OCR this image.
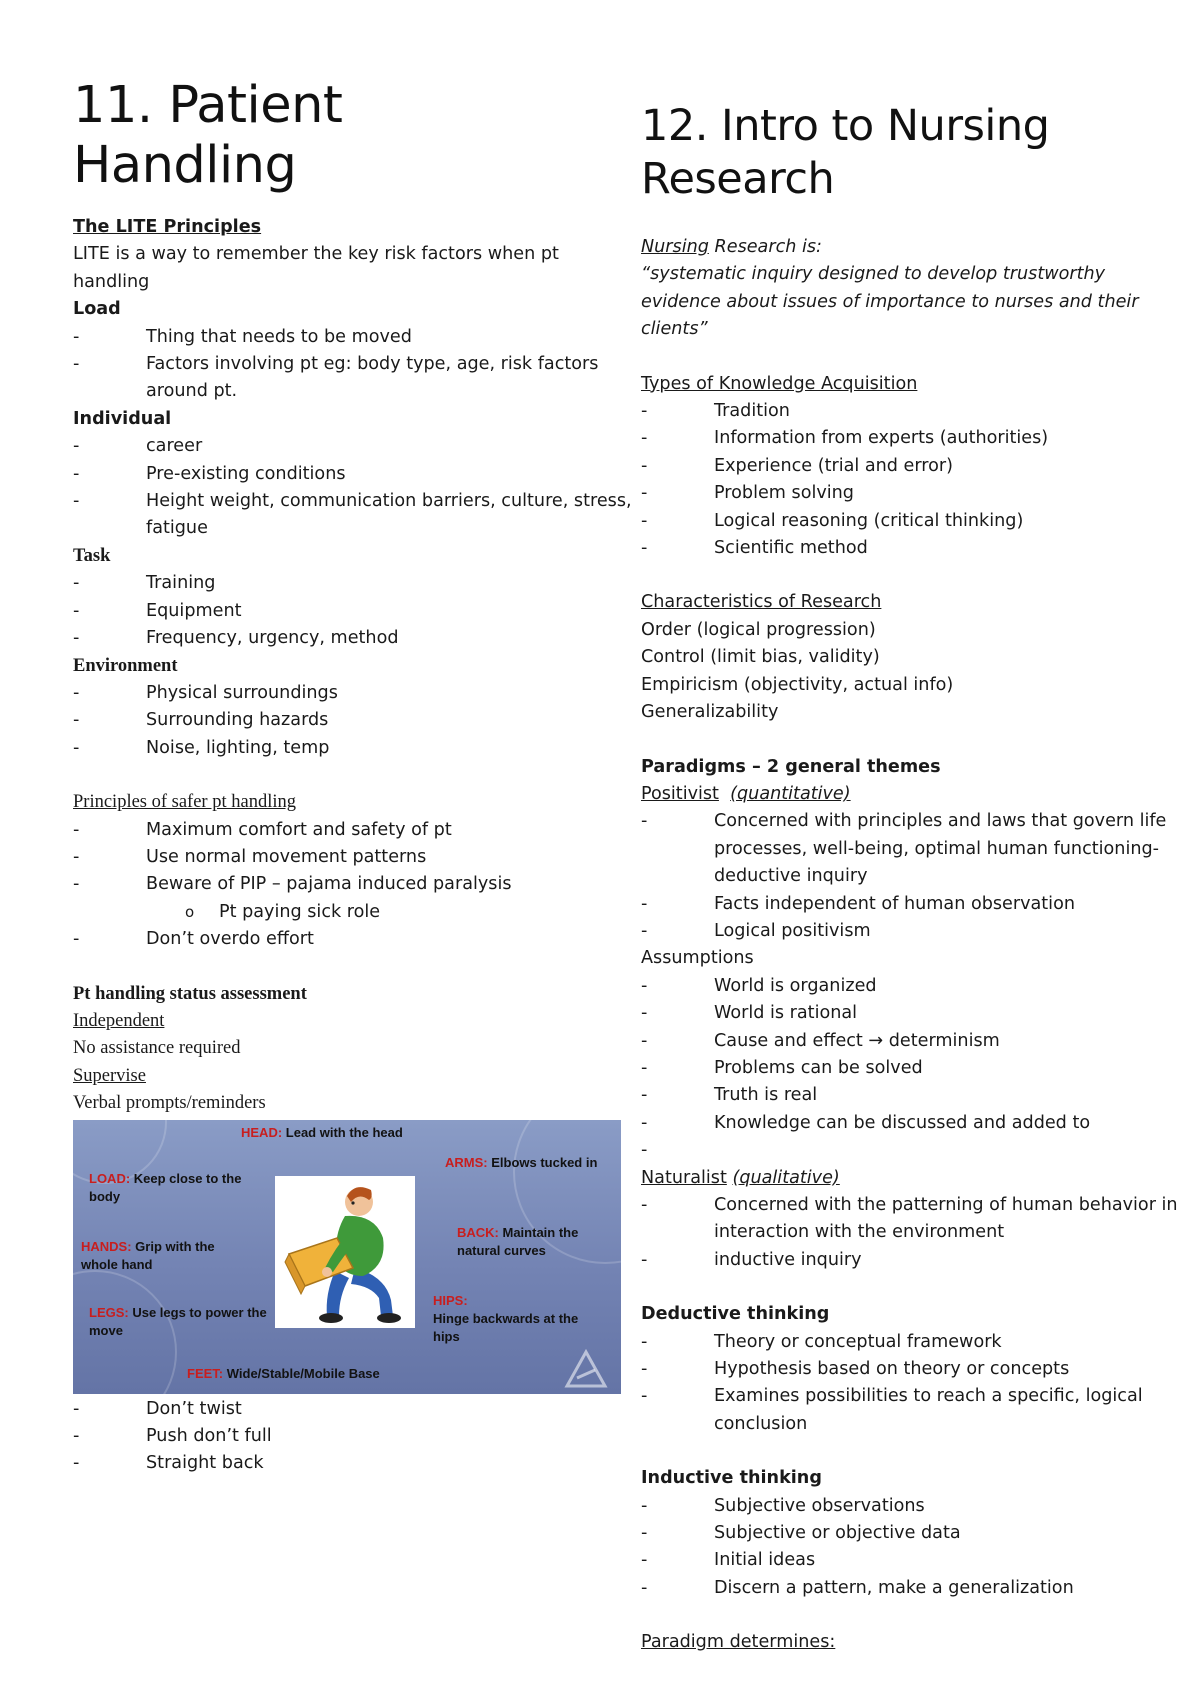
11. Patient
Handling

The LITE Principles

LITE is a way to remember the key risk factors when pt handling

Load

- Thing that needs to be moved
- Factors involving pt eg: body type, age, risk factors around pt.

Individual

- career
- Pre-existing conditions
- Height weight, communication barriers, culture, stress, fatigue

Task

- Training
- Equipment
- Frequency, urgency, method

Environment

- Physical surroundings
- Surrounding hazards
- Noise, lighting, temp

Principles of safer pt handling

- Maximum comfort and safety of pt
- Use normal movement patterns
- Beware of PIP – pajama induced paralysis
o Pt paying sick role
- Don’t overdo effort

Pt handling status assessment

Independent

No assistance required

Supervise

Verbal prompts/reminders

HEAD: Lead with the head
ARMS: Elbows tucked in
LOAD: Keep close to the body
BACK: Maintain the natural curves
HANDS: Grip with the whole hand
HIPS:
Hinge backwards at the hips
LEGS: Use legs to power the move
FEET: Wide/Stable/Mobile Base
- Don’t twist
- Push don’t full
- Straight back
12. Intro to Nursing
Research

Nursing Research is:

“systematic inquiry designed to develop trustworthy evidence about issues of importance to nurses and their clients”

Types of Knowledge Acquisition

- Tradition
- Information from experts (authorities)
- Experience (trial and error)
- Problem solving
- Logical reasoning (critical thinking)
- Scientific method

Characteristics of Research

Order (logical progression)

Control (limit bias, validity)

Empiricism (objectivity, actual info)

Generalizability

Paradigms – 2 general themes

Positivist (quantitative)

- Concerned with principles and laws that govern life processes, well-being, optimal human functioning- deductive inquiry
- Facts independent of human observation
- Logical positivism

Assumptions

- World is organized
- World is rational
- Cause and effect → determinism
- Problems can be solved
- Truth is real
- Knowledge can be discussed and added to
-

Naturalist (qualitative)

- Concerned with the patterning of human behavior in interaction with the environment
- inductive inquiry

Deductive thinking

- Theory or conceptual framework
- Hypothesis based on theory or concepts
- Examines possibilities to reach a specific, logical conclusion

Inductive thinking

- Subjective observations
- Subjective or objective data
- Initial ideas
- Discern a pattern, make a generalization

Paradigm determines:
